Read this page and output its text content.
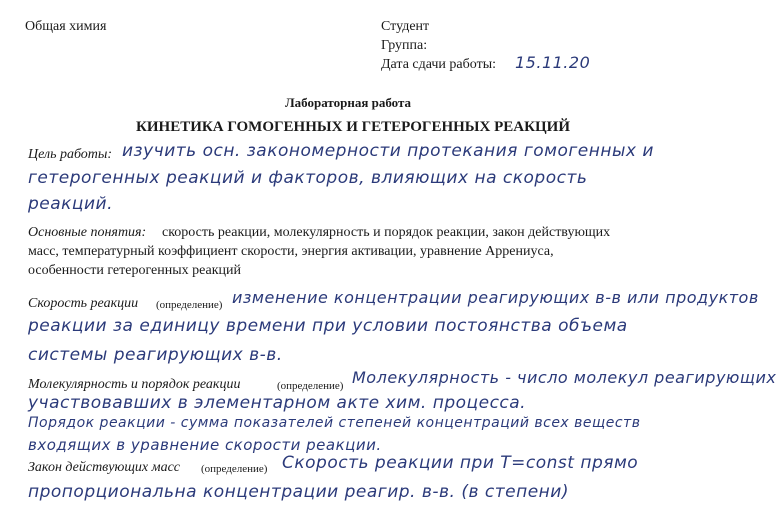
Общая химия	Студент
Группа:
Дата сдачи работы: 15.11.20
Лабораторная работа
КИНЕТИКА ГОМОГЕННЫХ И ГЕТЕРОГЕННЫХ РЕАКЦИЙ
Цель работы: изучить осн. закономерности протекания гомогенных и
гетерогенных реакций и факторов, влияющих на скорость
реакций.
Основные понятия: скорость реакции, молекулярность и порядок реакции, закон действующих
масс, температурный коэффициент скорости, энергия активации, уравнение Аррениуса,
особенности гетерогенных реакций
Скорость реакции (определение) изменение концентрации реагирующих в-в или продуктов
реакции за единицу времени при условии постоянства объема
системы реагирующих в-в.
Молекулярность и порядок реакции	(определение) Молекулярность - число молекул реагирующих
участвовавших в элементарном акте хим. процесса.
Порядок реакции - сумма показателей степеней концентраций всех веществ
входящих в уравнение скорости реакции.
Закон действующих масс (определение) Скорость реакции при T=const прямо
пропорциональна концентрации реагир. в-в. (в степени)
